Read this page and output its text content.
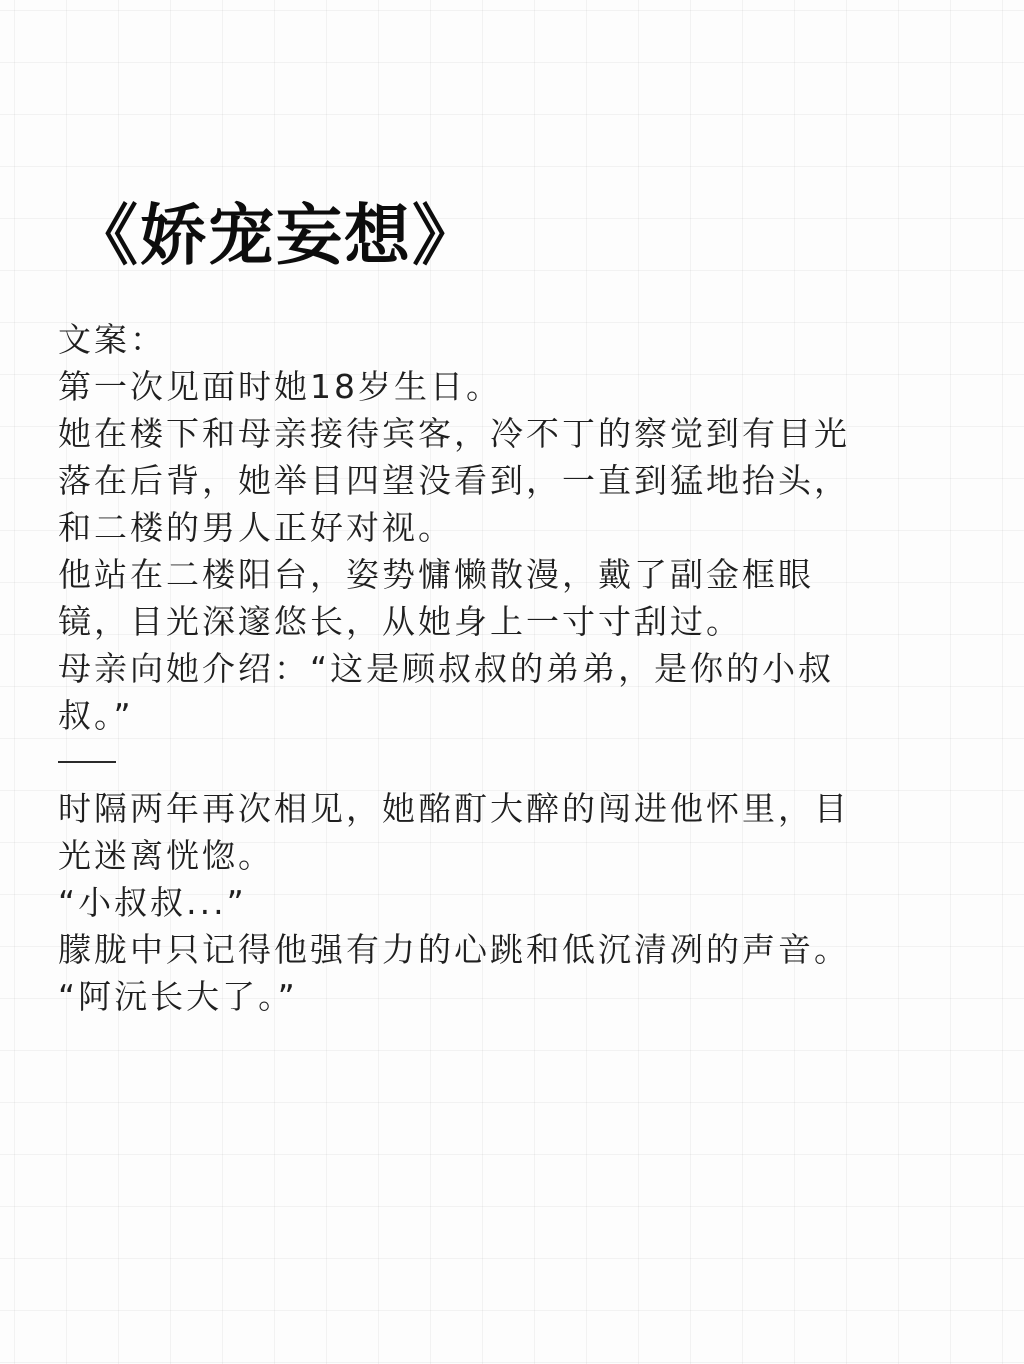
《娇宠妄想》
文案：
第一次见面时她18岁生日。
她在楼下和母亲接待宾客，冷不丁的察觉到有目光
落在后背，她举目四望没看到，一直到猛地抬头，
和二楼的男人正好对视。
他站在二楼阳台，姿势慵懒散漫，戴了副金框眼
镜，目光深邃悠长，从她身上一寸寸刮过。
母亲向她介绍：“这是顾叔叔的弟弟，是你的小叔
叔。”
时隔两年再次相见，她酩酊大醉的闯进他怀里，目
光迷离恍惚。
“小叔叔...”
朦胧中只记得他强有力的心跳和低沉清冽的声音。
“阿沅长大了。”
